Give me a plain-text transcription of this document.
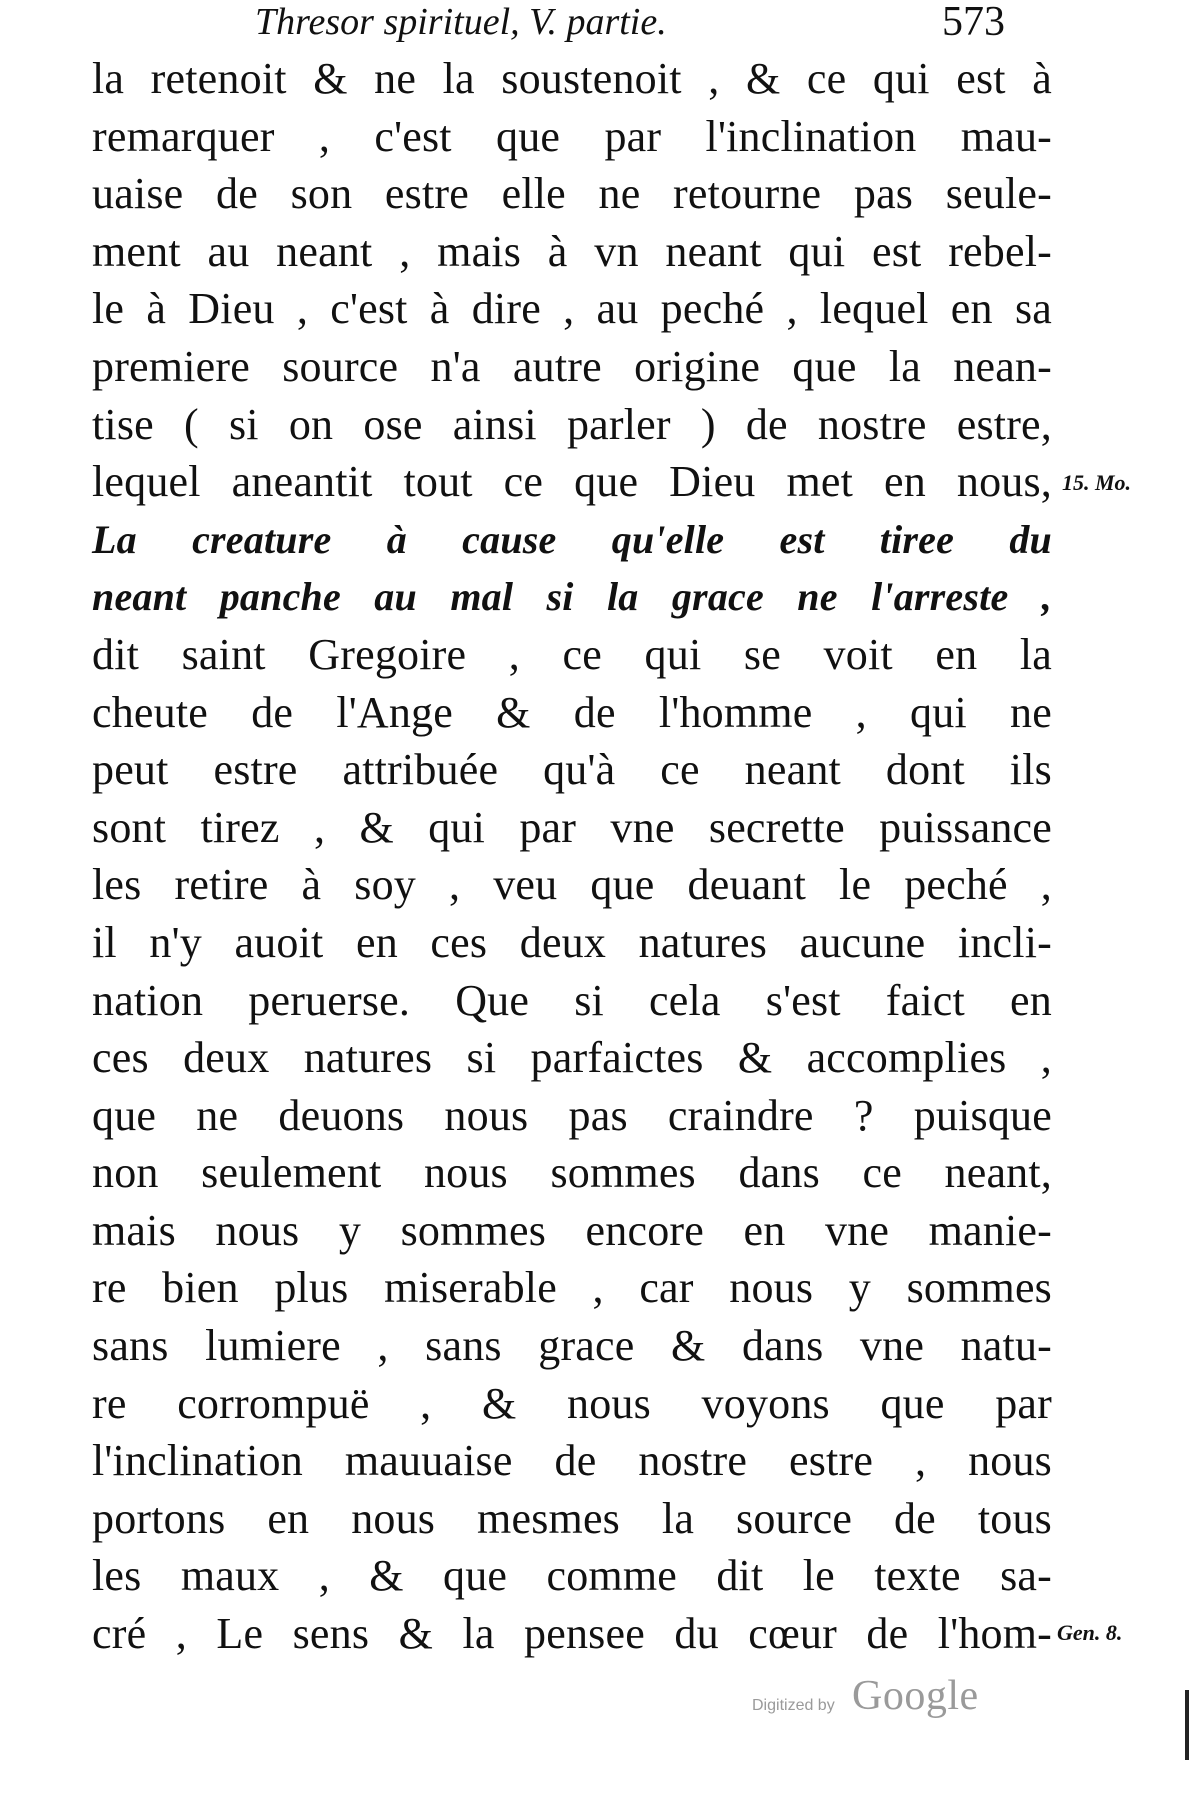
Thresor spirituel, V. partie.	573
la retenoit & ne la soustenoit , & ce qui est à
remarquer , c'est que par l'inclination mau-
uaise de son estre elle ne retourne pas seule-
ment au neant , mais à vn neant qui est rebel-
le à Dieu , c'est à dire , au peché , lequel en sa
premiere source n'a autre origine que la nean-
tise ( si on ose ainsi parler ) de nostre estre,
lequel aneantit tout ce que Dieu met en nous,
La creature à cause qu'elle est tiree du
neant panche au mal si la grace ne l'arreste ,
dit saint Gregoire , ce qui se voit en la
cheute de l'Ange & de l'homme , qui ne
peut estre attribuée qu'à ce neant dont ils
sont tirez , & qui par vne secrette puissance
les retire à soy , veu que deuant le peché ,
il n'y auoit en ces deux natures aucune incli-
nation peruerse. Que si cela s'est faict en
ces deux natures si parfaictes & accomplies ,
que ne deuons nous pas craindre ? puisque
non seulement nous sommes dans ce neant,
mais nous y sommes encore en vne manie-
re bien plus miserable , car nous y sommes
sans lumiere , sans grace & dans vne natu-
re corrompuë , & nous voyons que par
l'inclination mauuaise de nostre estre , nous
portons en nous mesmes la source de tous
les maux , & que comme dit le texte sa-
cré , Le sens & la pensee du cœur de l'hom-
15. Mo.
Gen. 8.
Digitized by Google
